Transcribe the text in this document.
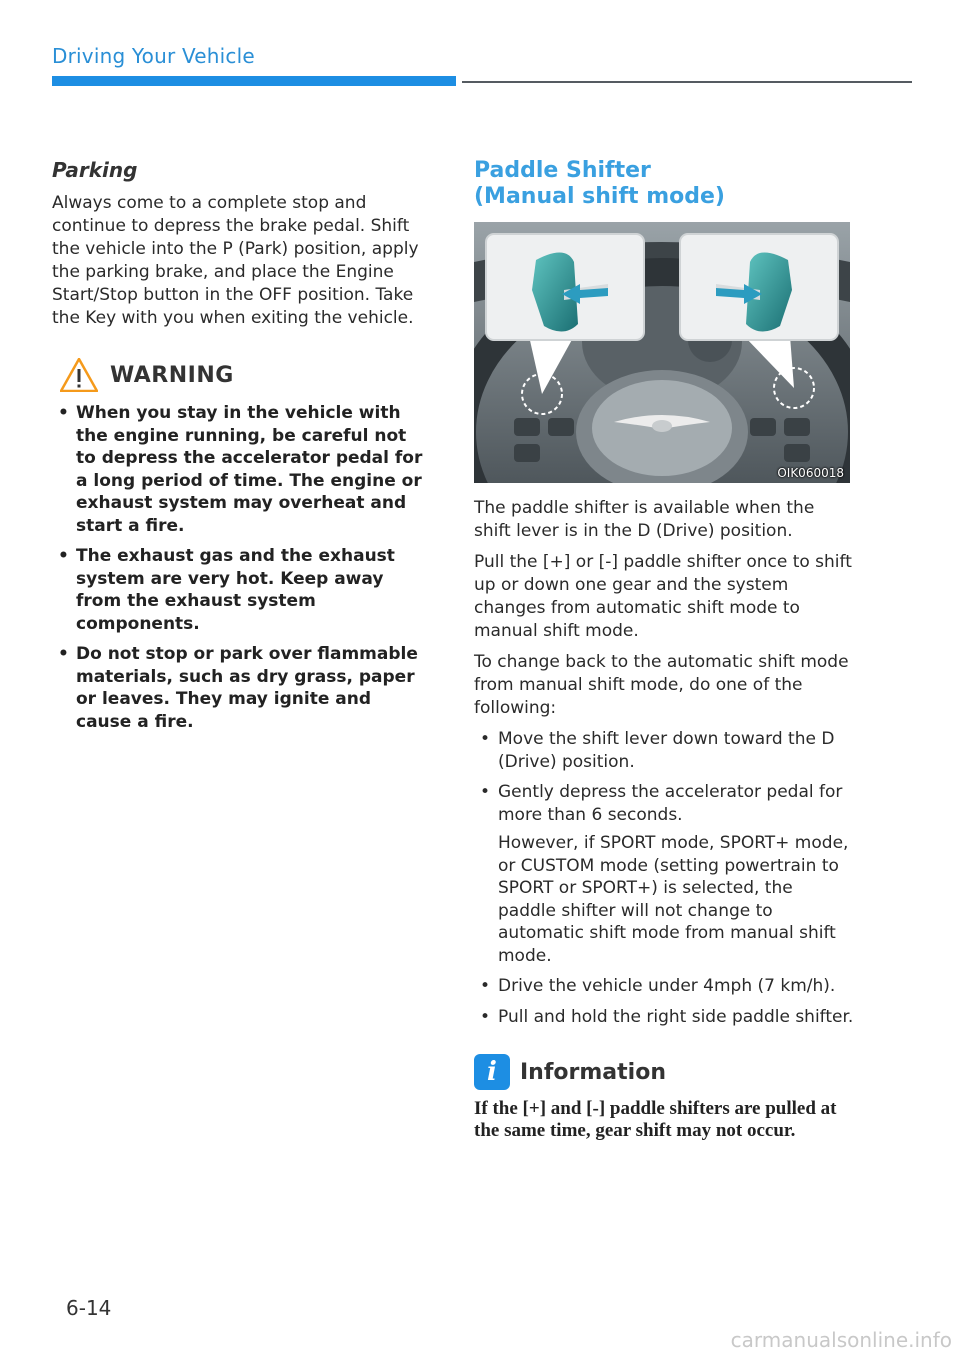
Driving Your Vehicle
Parking

Always come to a complete stop and continue to depress the brake pedal. Shift the vehicle into the P (Park) position, apply the parking brake, and place the Engine Start/Stop button in the OFF position. Take the Key with you when exiting the vehicle.

WARNING
• When you stay in the vehicle with the engine running, be careful not to depress the accelerator pedal for a long period of time. The engine or exhaust system may overheat and start a fire.
• The exhaust gas and the exhaust system are very hot. Keep away from the exhaust system components.
• Do not stop or park over flammable materials, such as dry grass, paper or leaves. They may ignite and cause a fire.
Paddle Shifter
(Manual shift mode)
OIK060018

The paddle shifter is available when the shift lever is in the D (Drive) position.

Pull the [+] or [-] paddle shifter once to shift up or down one gear and the system changes from automatic shift mode to manual shift mode.

To change back to the automatic shift mode from manual shift mode, do one of the following:

• Move the shift lever down toward the D (Drive) position.
• Gently depress the accelerator pedal for more than 6 seconds.
However, if SPORT mode, SPORT+ mode, or CUSTOM mode (setting powertrain to SPORT or SPORT+) is selected, the paddle shifter will not change to automatic shift mode from manual shift mode.
• Drive the vehicle under 4mph (7 km/h).
• Pull and hold the right side paddle shifter.
i	Information

If the [+] and [-] paddle shifters are pulled at the same time, gear shift may not occur.

6-14
carmanualsonline.info
